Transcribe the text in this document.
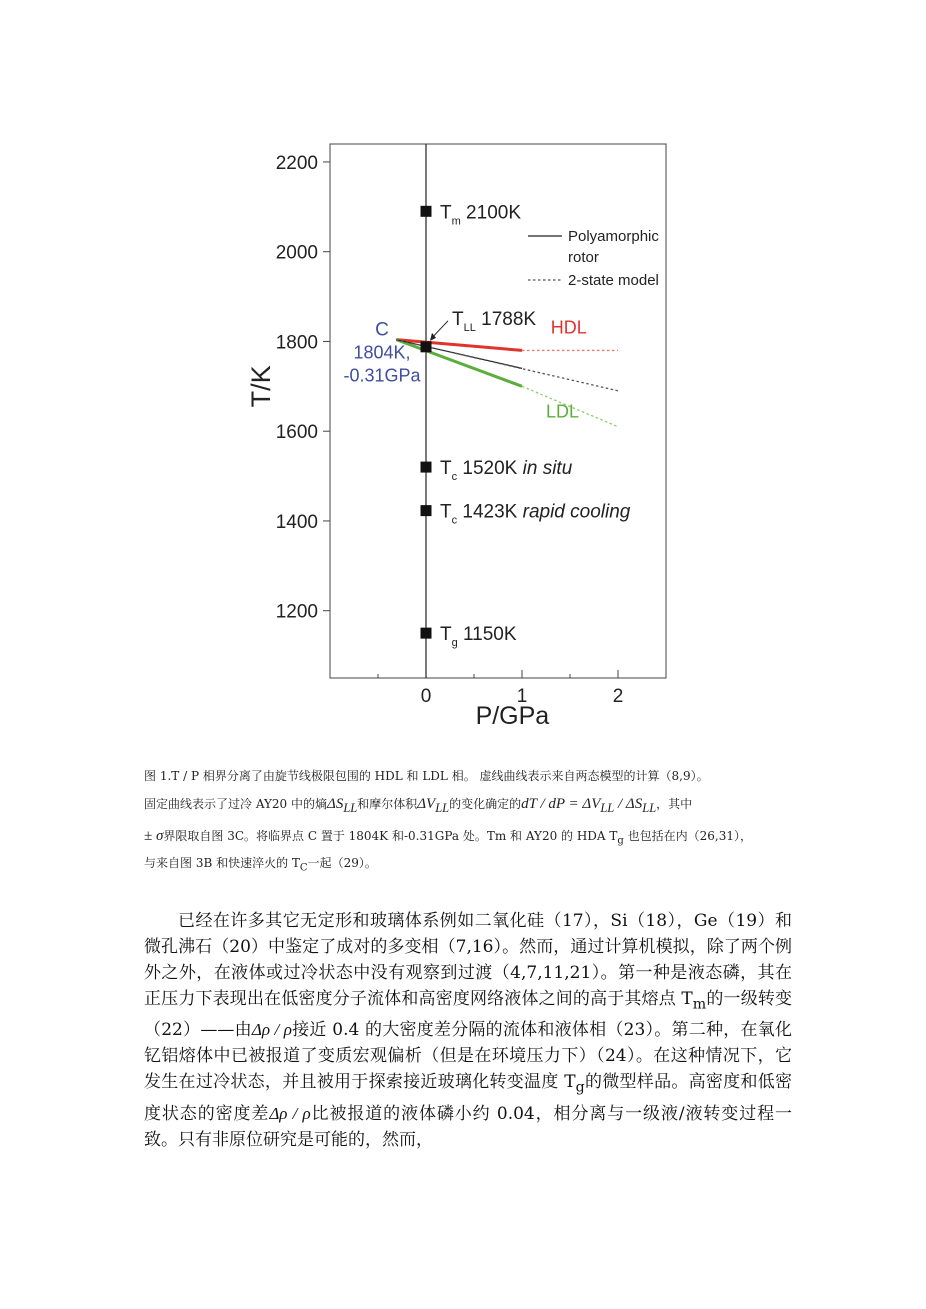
1200
1400
1600
1800
2000
2200
0	1	2
P/GPa
T/K
$T_m$ 2100K
$T_{LL}$ 1788K
$T_c$ 1520K in situ
$T_c$ 1423K rapid cooling
$T_g$ 1150K
C
1804K,
-0.31GPa
HDL
LDL
Polyamorphic
rotor
2-state model

图 1.T / P 相界分离了由旋节线极限包围的 HDL 和 LDL 相。 虚线曲线表示来自两态模型的计算（8,9）。

固定曲线表示了过冷 AY20 中的熵$\Delta S_{LL}$和摩尔体积$\Delta V_{LL}$的变化确定的dT / dP = $\Delta V_{LL} / \Delta S_{LL}$，其中

± σ界限取自图 3C。将临界点 C 置于 1804K 和-0.31GPa 处。Tm 和 AY20 的 HDA $T_g$ 也包括在内（26,31），
与来自图 3B 和快速淬火的 $T_C$一起（29）。

已经在许多其它无定形和玻璃体系例如二氧化硅（17），Si（18），Ge（19）和微孔沸石（20）中鉴定了成对的多变相（7,16）。然而，通过计算机模拟，除了两个例外之外，在液体或过冷状态中没有观察到过渡（4,7,11,21）。第一种是液态磷，其在正压力下表现出在低密度分子流体和高密度网络液体之间的高于其熔点 $T_m$的一级转变（22）——由Δρ / ρ接近 0.4 的大密度差分隔的流体和液体相（23）。第二种，在氧化钇铝熔体中已被报道了变质宏观偏析（但是在环境压力下）（24）。在这种情况下，它发生在过冷状态，并且被用于探索接近玻璃化转变温度 $T_g$的微型样品。高密度和低密度状态的密度差Δρ / ρ比被报道的液体磷小约 0.04，相分离与一级液/液转变过程一致。只有非原位研究是可能的，然而，
